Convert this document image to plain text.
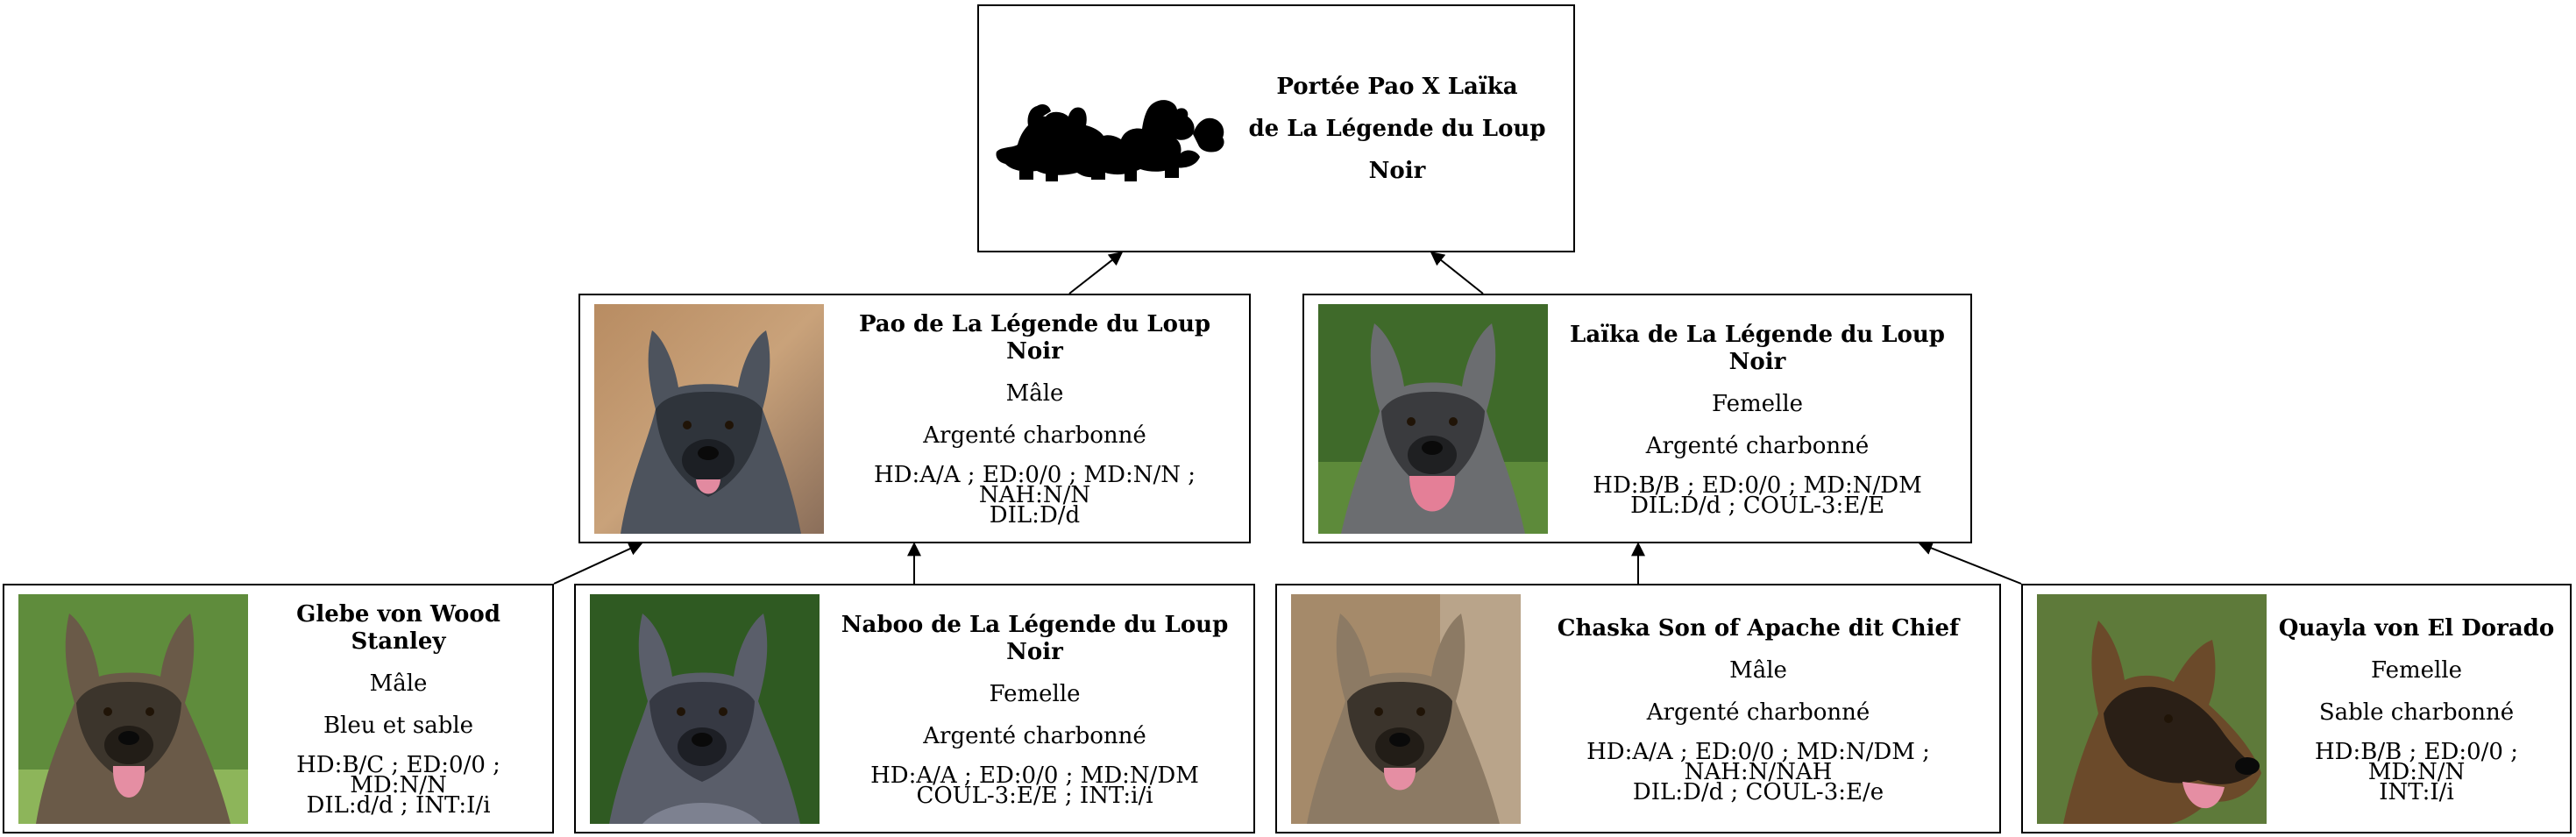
Portée Pao X Laïka
de La Légende du Loup Noir
Pao de La Légende du Loup Noir
Mâle
Argenté charbonné
HD:A/A ; ED:0/0 ; MD:N/N ; NAH:N/N
DIL:D/d
Laïka de La Légende du Loup Noir
Femelle
Argenté charbonné
HD:B/B ; ED:0/0 ; MD:N/DM
DIL:D/d ; COUL-3:E/E
Glebe von Wood Stanley
Mâle
Bleu et sable
HD:B/C ; ED:0/0 ; MD:N/N
DIL:d/d ; INT:I/i
Naboo de La Légende du Loup Noir
Femelle
Argenté charbonné
HD:A/A ; ED:0/0 ; MD:N/DM
COUL-3:E/E ; INT:i/i
Chaska Son of Apache dit Chief
Mâle
Argenté charbonné
HD:A/A ; ED:0/0 ; MD:N/DM ; NAH:N/NAH
DIL:D/d ; COUL-3:E/e
Quayla von El Dorado
Femelle
Sable charbonné
HD:B/B ; ED:0/0 ; MD:N/N
INT:I/i
